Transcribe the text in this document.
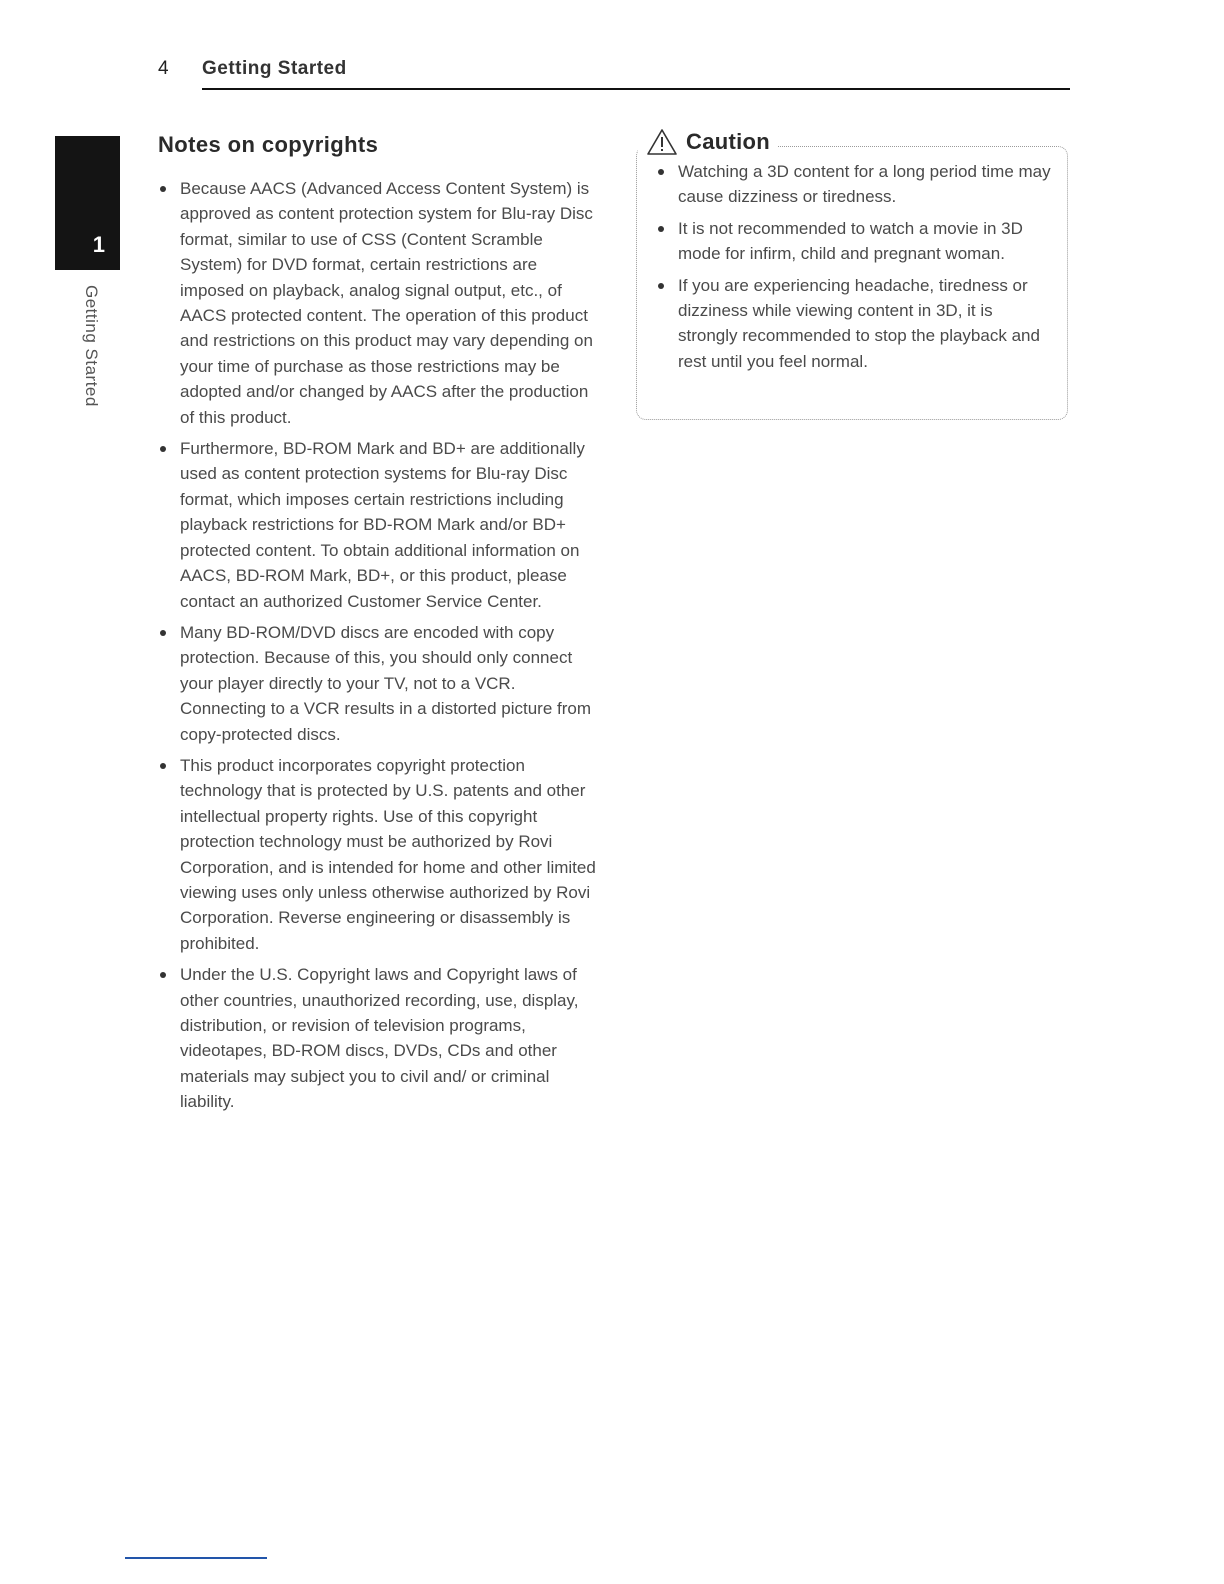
4 Getting Started
1
Getting Started
Notes on copyrights
Because AACS (Advanced Access Content System) is approved as content protection system for Blu-ray Disc format, similar to use of CSS (Content Scramble System) for DVD format, certain restrictions are imposed on playback, analog signal output, etc., of AACS protected content. The operation of this product and restrictions on this product may vary depending on your time of purchase as those restrictions may be adopted and/or changed by AACS after the production of this product.
Furthermore, BD-ROM Mark and BD+ are additionally used as content protection systems for Blu-ray Disc format, which imposes certain restrictions including playback restrictions for BD-ROM Mark and/or BD+ protected content. To obtain additional information on AACS, BD-ROM Mark, BD+, or this product, please contact an authorized Customer Service Center.
Many BD-ROM/DVD discs are encoded with copy protection. Because of this, you should only connect your player directly to your TV, not to a VCR. Connecting to a VCR results in a distorted picture from copy-protected discs.
This product incorporates copyright protection technology that is protected by U.S. patents and other intellectual property rights. Use of this copyright protection technology must be authorized by Rovi Corporation, and is intended for home and other limited viewing uses only unless otherwise authorized by Rovi Corporation. Reverse engineering or disassembly is prohibited.
Under the U.S. Copyright laws and Copyright laws of other countries, unauthorized recording, use, display, distribution, or revision of television programs, videotapes, BD-ROM discs, DVDs, CDs and other materials may subject you to civil and/ or criminal liability.
Caution
Watching a 3D content for a long period time may cause dizziness or tiredness.
It is not recommended to watch a movie in 3D mode for infirm, child and pregnant woman.
If you are experiencing headache, tiredness or dizziness while viewing content in 3D, it is strongly recommended to stop the playback and rest until you feel normal.
